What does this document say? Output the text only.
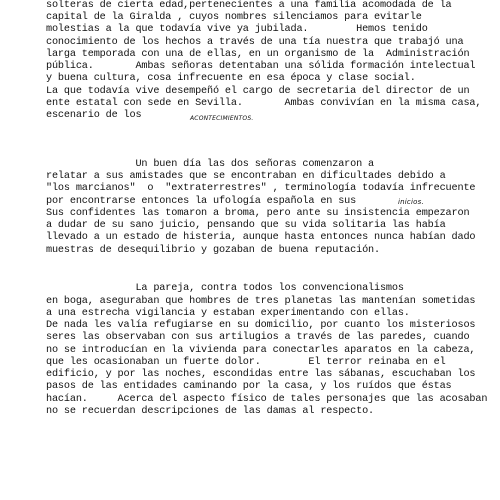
solteras de cierta edad,pertenecientes a una familia acomodada de la
capital de la Giralda , cuyos nombres silenciamos para evitarle
molestias a la que todavía vive ya jubilada.        Hemos tenido
conocimiento de los hechos a través de una tía nuestra que trabajó una
larga temporada con una de ellas, en un organismo de la  Administración
pública.       Ambas señoras detentaban una sólida formación intelectual
y buena cultura, cosa infrecuente en esa época y clase social.
La que todavía vive desempeñó el cargo de secretaria del director de un
ente estatal con sede en Sevilla.       Ambas convivían en la misma casa,
escenario de los	ACONTECIMIENTOS.
Un buen día las dos señoras comenzaron a
relatar a sus amistades que se encontraban en dificultades debido a
"los marcianos"  o  "extraterrestres" , terminología todavía infrecuente
por encontrarse entonces la ufología española en sus	inicios.
Sus confidentes las tomaron a broma, pero ante su insistencia empezaron
a dudar de su sano juicio, pensando que su vida solitaria las había
llevado a un estado de histeria, aunque hasta entonces nunca habían dado
muestras de desequilibrio y gozaban de buena reputación.
La pareja, contra todos los convencionalismos
en boga, aseguraban que hombres de tres planetas las mantenían sometidas
a una estrecha vigilancia y estaban experimentando con ellas.
De nada les valía refugiarse en su domicilio, por cuanto los misteriosos
seres las observaban con sus artilugios a través de las paredes, cuando
no se introducían en la vivienda para conectarles aparatos en la cabeza,
que les ocasionaban un fuerte dolor.        El terror reinaba en el
edificio, y por las noches, escondidas entre las sábanas, escuchaban los
pasos de las entidades caminando por la casa, y los ruídos que éstas
hacían.     Acerca del aspecto físico de tales personajes que las acosaban
no se recuerdan descripciones de las damas al respecto.
